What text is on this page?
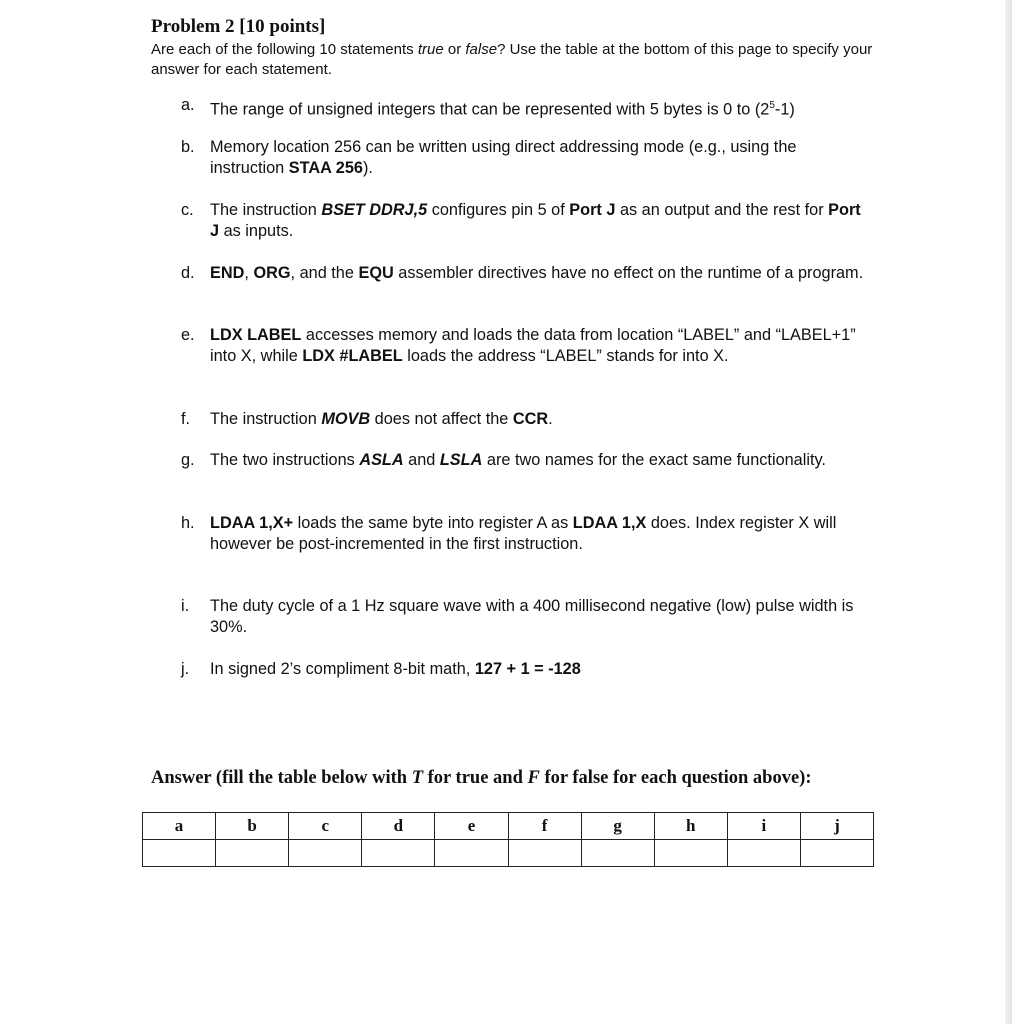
Problem 2 [10 points]
Are each of the following 10 statements true or false? Use the table at the bottom of this page to specify your answer for each statement.
a. The range of unsigned integers that can be represented with 5 bytes is 0 to $(2^5-1)$
b. Memory location 256 can be written using direct addressing mode (e.g., using the instruction STAA 256).
c.	The instruction BSET DDRJ,5 configures pin 5 of Port J as an output and the rest for Port J as inputs.
d. END, ORG, and the EQU assembler directives have no effect on the runtime of a program.
e. LDX LABEL accesses memory and loads the data from location “LABEL” and “LABEL+1” into X, while LDX #LABEL loads the address “LABEL” stands for into X.
f.	The instruction MOVB does not affect the CCR.
g. The two instructions ASLA and LSLA are two names for the exact same functionality.
h. LDAA 1,X+ loads the same byte into register A as LDAA 1,X does. Index register X will however be post-incremented in the first instruction.
i.	The duty cycle of a 1 Hz square wave with a 400 millisecond negative (low) pulse width is 30%.
j.	In signed 2’s compliment 8-bit math, 127 + 1 = -128
Answer (fill the table below with T for true and F for false for each question above):
a	b	c	d	e	f	g	h	i	j
